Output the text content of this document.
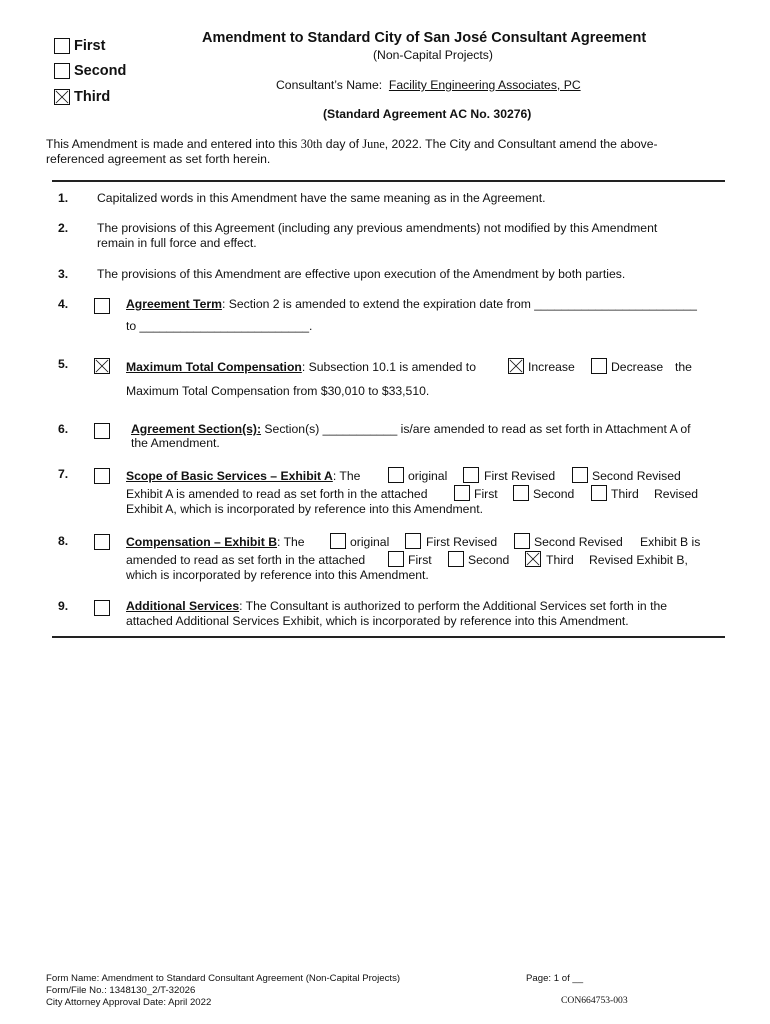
First
Second
Third
Amendment to Standard City of San José Consultant Agreement
(Non-Capital Projects)
Consultant’s Name: Facility Engineering Associates, PC
(Standard Agreement AC No. 30276)
This Amendment is made and entered into this 30th day of June, 2022. The City and Consultant amend the above-
referenced agreement as set forth herein.
1. Capitalized words in this Amendment have the same meaning as in the Agreement.
2. The provisions of this Agreement (including any previous amendments) not modified by this Amendment
remain in full force and effect.
3. The provisions of this Amendment are effective upon execution of the Amendment by both parties.
4.	Agreement Term: Section 2 is amended to extend the expiration date from ________________________
to _________________________.
5.	Maximum Total Compensation: Subsection 10.1 is amended to	Increase	Decrease the
Maximum Total Compensation from $30,010 to $33,510.
6.	Agreement Section(s): Section(s) ___________ is/are amended to read as set forth in Attachment A of
the Amendment.
7.	Scope of Basic Services – Exhibit A: The	original	First Revised	Second Revised
Exhibit A is amended to read as set forth in the attached	First	Second	Third Revised
Exhibit A, which is incorporated by reference into this Amendment.
8.	Compensation – Exhibit B: The	original	First Revised	Second Revised Exhibit B is
amended to read as set forth in the attached	First	Second	Third Revised Exhibit B,
which is incorporated by reference into this Amendment.
9.	Additional Services: The Consultant is authorized to perform the Additional Services set forth in the
attached Additional Services Exhibit, which is incorporated by reference into this Amendment.
Form Name: Amendment to Standard Consultant Agreement (Non-Capital Projects)
Form/File No.: 1348130_2/T-32026
City Attorney Approval Date: April 2022
Page: 1 of __
CON664753-003
